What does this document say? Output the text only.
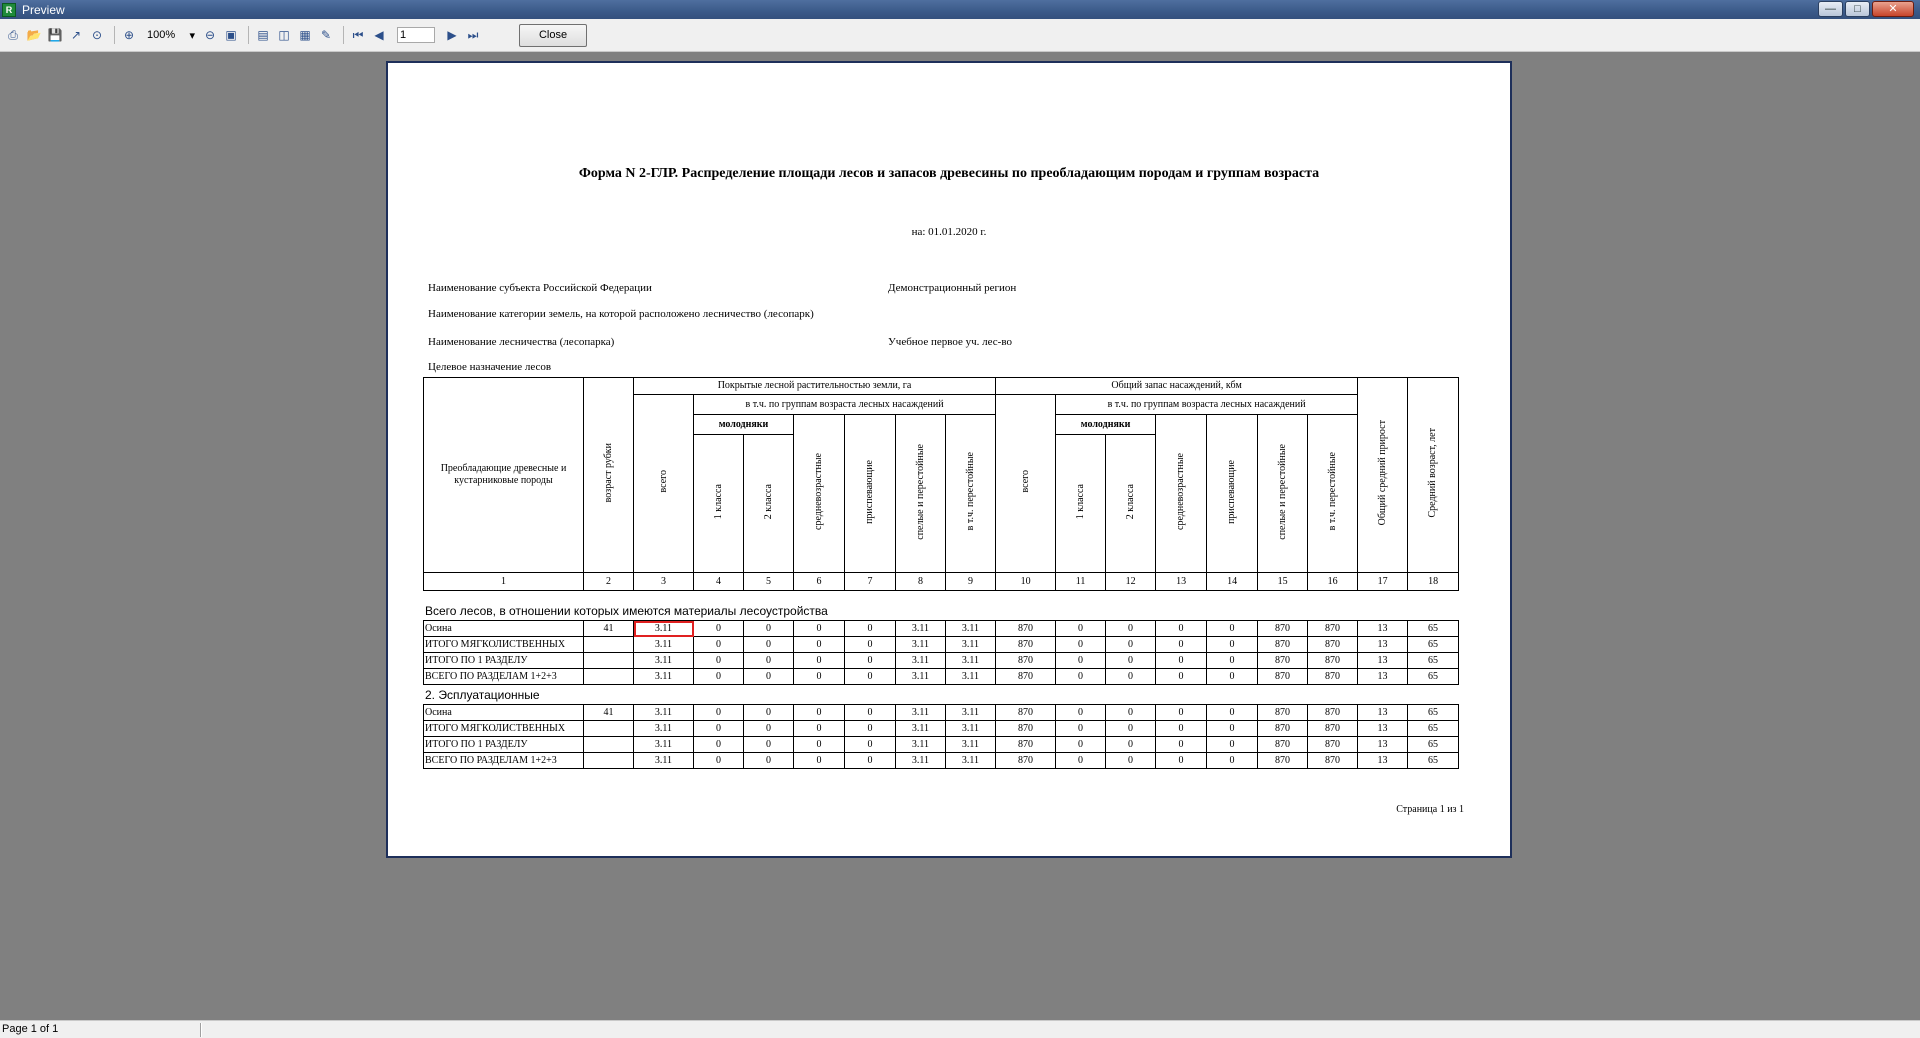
R Preview	—	□	✕
⎙ 📂 💾 ↗ ⊙	⊕	100% ▾ ⊖ ▣ ▤ ◫ ▦ ✎	⏮ ◀	1	▶ ⏭	Close
Форма N 2-ГЛР. Распределение площади лесов и запасов древесины по преобладающим породам и группам возраста
на: 01.01.2020 г.
Наименование субъекта Российской Федерации	Демонстрационный регион
Наименование категории земель, на которой расположено лесничество (лесопарк)
Наименование лесничества (лесопарка)	Учебное первое уч. лес-во
Целевое назначение лесов
Преобладающие древесные и кустарниковые породы	возраст рубки	Покрытые лесной растительностью земли, га							Общий запас насаждений, кбм							Общий средний прирост	Средний возраст, лет
		всего	в т.ч. по группам возраста лесных насаждений						всего	в т.ч. по группам возраста лесных насаждений							
			молодняки		средневозрастные	приспевающие	спелые и перестойные	в т.ч. перестойные		молодняки		средневозрастные	приспевающие	спелые и перестойные	в т.ч. перестойные		
			1 класса	2 класса						1 класса	2 класса						

1	2	3	4	5	6	7	8	9	10	11	12	13	14	15	16	17	18
Всего лесов, в отношении которых имеются материалы лесоустройства
Осина	41	3.11	0	0	0	0	3.11	3.11	870	0	0	0	0	870	870	13	65
ИТОГО МЯГКОЛИСТВЕННЫХ		3.11	0	0	0	0	3.11	3.11	870	0	0	0	0	870	870	13	65
ИТОГО ПО 1 РАЗДЕЛУ		3.11	0	0	0	0	3.11	3.11	870	0	0	0	0	870	870	13	65
ВСЕГО ПО РАЗДЕЛАМ 1+2+3		3.11	0	0	0	0	3.11	3.11	870	0	0	0	0	870	870	13	65
2. Эсплуатационные
Осина	41	3.11	0	0	0	0	3.11	3.11	870	0	0	0	0	870	870	13	65
ИТОГО МЯГКОЛИСТВЕННЫХ		3.11	0	0	0	0	3.11	3.11	870	0	0	0	0	870	870	13	65
ИТОГО ПО 1 РАЗДЕЛУ		3.11	0	0	0	0	3.11	3.11	870	0	0	0	0	870	870	13	65
ВСЕГО ПО РАЗДЕЛАМ 1+2+3		3.11	0	0	0	0	3.11	3.11	870	0	0	0	0	870	870	13	65
Страница 1 из 1
Page 1 of 1
